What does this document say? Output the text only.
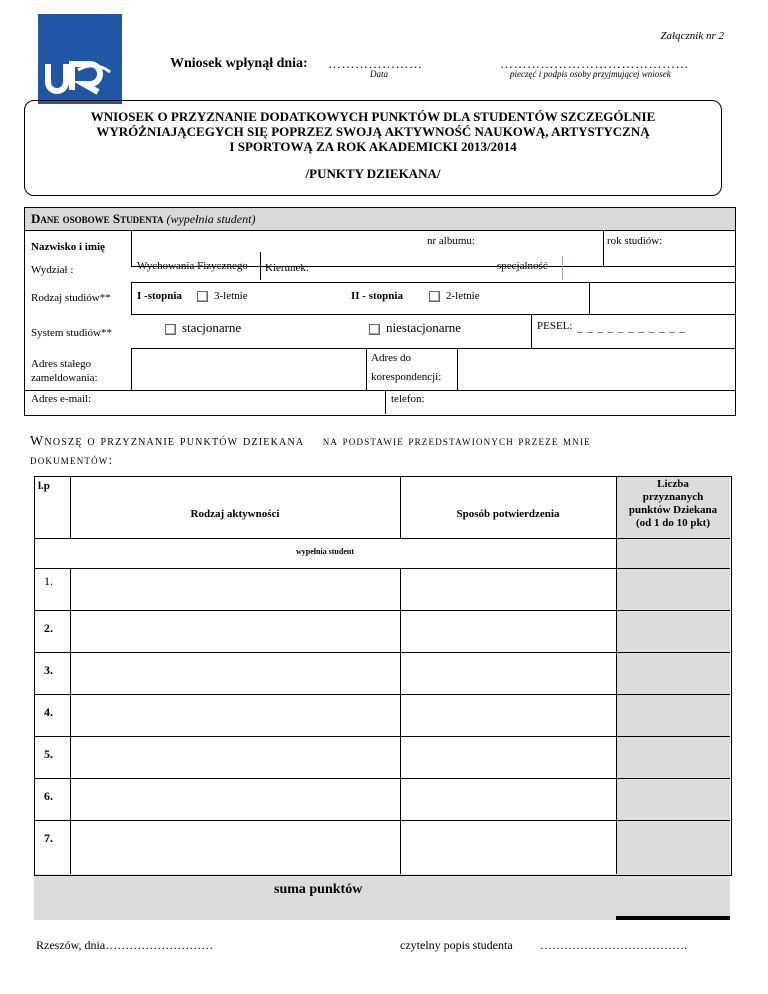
Załącznik nr 2
Wniosek wpłynął dnia: …………………
Data
……………………………………
pieczęć i podpis osoby przyjmującej wniosek
WNIOSEK O PRZYZNANIE DODATKOWYCH PUNKTÓW DLA STUDENTÓW SZCZEGÓLNIE
WYRÓŻNIAJĄCEGYCH SIĘ POPRZEZ SWOJĄ AKTYWNOŚĆ NAUKOWĄ, ARTYSTYCZNĄ
I SPORTOWĄ ZA ROK AKADEMICKI 2013/2014
/PUNKTY DZIEKANA/
Dane osobowe Studenta (wypełnia student)
Nazwisko i imię	nr albumu:	rok studiów:
Wydział :	Wychowania Fizycznego Kierunek:	specjalność
Rodzaj studiów** I -stopnia	3-letnie	II - stopnia	2-letnie
System studiów**	stacjonarne	niestacjonarne	PESEL: _ _ _ _ _ _ _ _ _ _ _
Adres stałego
zameldowania:
Adres do
korespondencji:
Adres e-mail:	telefon:
Wnoszę o przyznanie punktów dziekana na podstawie przedstawionych przeze mnie
dokumentów:
l.p
Rodzaj aktywności	Sposób potwierdzenia
Liczba
przyznanych
punktów Dziekana
(od 1 do 10 pkt)
wypełnia student
1.
2.
3.
4.
5.
6.
7.
suma punktów
Rzeszów, dnia………………………	czytelny popis studenta ……………………………….
